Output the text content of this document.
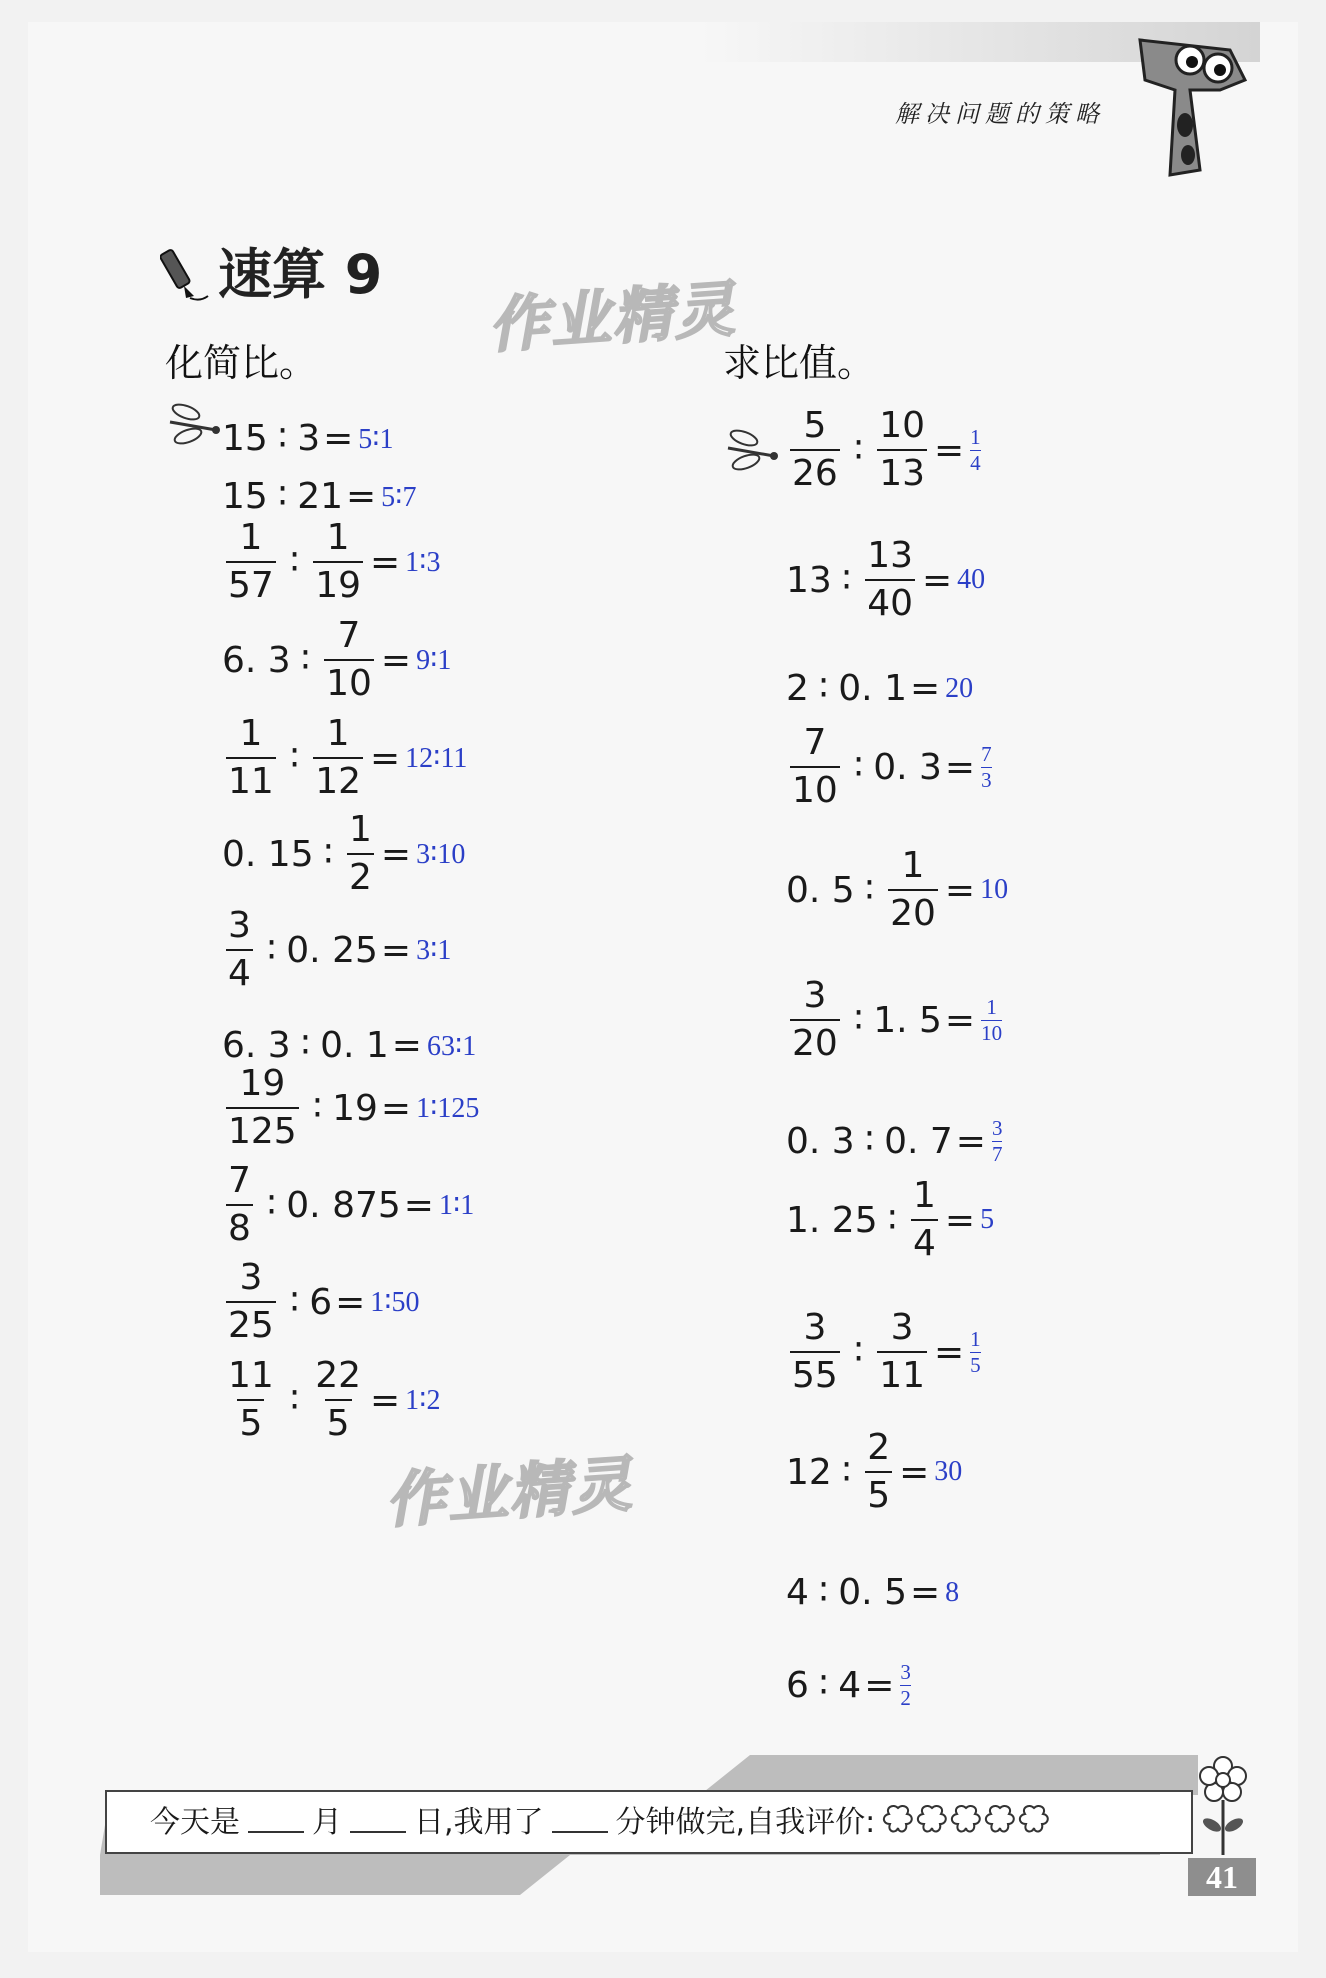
解决问题的策略
速算 9 作业精灵
作业精灵
化简比。	求比值。
15 ∶ 3 = 5∶1
15 ∶ 21 = 5∶7
$\frac{1}{57}$ ∶ $\frac{1}{19}$ = 1∶3
6. 3 ∶ $\frac{7}{10}$ = 9∶1
$\frac{1}{11}$ ∶ $\frac{1}{12}$ = 12∶11
0. 15 ∶ $\frac{1}{2}$ = 3∶10
$\frac{3}{4}$ ∶ 0. 25 = 3∶1
6. 3 ∶ 0. 1 = 63∶1
$\frac{19}{125}$ ∶ 19 = 1∶125
$\frac{7}{8}$ ∶ 0. 875 = 1∶1
$\frac{3}{25}$ ∶ 6 = 1∶50
$\frac{11}{5}$ ∶ $\frac{22}{5}$ = 1∶2
$\frac{5}{26}$ ∶ $\frac{10}{13} = \frac{1}{4}$
13 ∶ $\frac{13}{40} = 40$
2 ∶ 0. 1 = 20
$\frac{7}{10}$ ∶ 0. $3 = \frac{7}{3}$
0. 5 ∶ $\frac{1}{20} = 10$
$\frac{3}{20}$ ∶ 1. $5 = \frac{1}{10}$
0. 3 ∶ 0. $7 = \frac{3}{7}$
1. 25 ∶ $\frac{1}{4} = 5$
$\frac{3}{55}$ ∶ $\frac{3}{11} = \frac{1}{5}$
12 ∶ $\frac{2}{5} = 30$
4 ∶ 0. 5 = 8
6 ∶ $4 = \frac{3}{2}$
今天是 月 日,我用了 分钟做完,自我评价:
41
